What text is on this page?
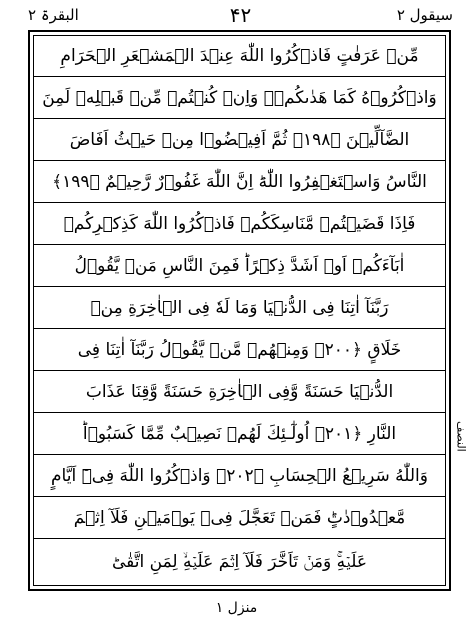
سیقول ۲
۴۲
البقرۃ ۲
مِّنۡ عَرَفٰتٍ فَاذۡكُرُوا اللّٰهَ عِنۡدَ الۡمَشۡعَرِ الۡحَرَامِ
وَاذۡكُرُوۡهُ كَمَا هَدٰٮكُمۡ‌ۚ وَاِنۡ كُنۡتُمۡ مِّنۡ قَبۡلِهٖ لَمِنَ
الضَّآلِّيۡنَ ﴿۱۹۸﴾ ثُمَّ اَفِيۡضُوۡا مِنۡ حَيۡثُ اَفَاضَ
النَّاسُ وَاسۡتَغۡفِرُوا اللّٰهَ‌ؕ اِنَّ اللّٰهَ غَفُوۡرٌ رَّحِيۡمٌ ﴿۱۹۹﴾
فَاِذَا قَضَيۡتُمۡ مَّنَاسِكَكُمۡ فَاذۡكُرُوا اللّٰهَ كَذِكۡرِكُمۡ
اٰبَآءَكُمۡ اَوۡ اَشَدَّ ذِكۡرًا‌ؕ فَمِنَ النَّاسِ مَنۡ يَّقُوۡلُ
رَبَّنَآ اٰتِنَا فِى الدُّنۡيَا وَمَا لَهٗ فِى الۡاٰخِرَةِ مِنۡ
خَلَاقٍ ﴿۲۰۰﴾ وَمِنۡهُمۡ مَّنۡ يَّقُوۡلُ رَبَّنَآ اٰتِنَا فِى
الدُّنۡيَا حَسَنَةً وَّفِى الۡاٰخِرَةِ حَسَنَةً وَّقِنَا عَذَابَ
النَّارِ ﴿۲۰۱﴾ اُولٰٓـئِكَ لَهُمۡ نَصِيۡبٌ مِّمَّا كَسَبُوۡا‌ؕ
وَاللّٰهُ سَرِيۡعُ الۡحِسَابِ ﴿۲۰۲﴾ وَاذۡكُرُوا اللّٰهَ فِىۡٓ اَيَّامٍ
مَّعۡدُوۡدٰتٍ‌ؕ فَمَنۡ تَعَجَّلَ فِىۡ يَوۡمَيۡنِ فَلَآ اِثۡمَ
عَلَيۡهِ‌ۚ وَمَنۡ تَاَخَّرَ فَلَآ اِثۡمَ عَلَيۡهِ‌ۙ لِمَنِ اتَّقٰى‌ؕ
النصف
منزل ۱
